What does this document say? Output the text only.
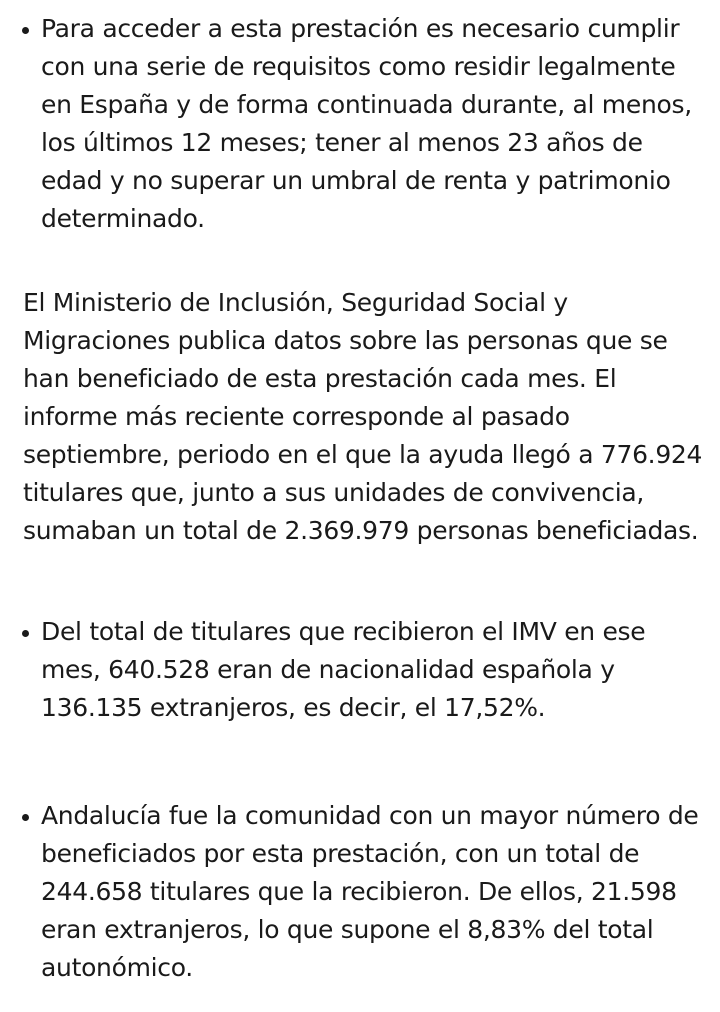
Para acceder a esta prestación es necesario cumplir con una serie de requisitos como residir legalmente en España y de forma continuada durante, al menos, los últimos 12 meses; tener al menos 23 años de edad y no superar un umbral de renta y patrimonio determinado.

El Ministerio de Inclusión, Seguridad Social y Migraciones publica datos sobre las personas que se han beneficiado de esta prestación cada mes. El informe más reciente corresponde al pasado septiembre, periodo en el que la ayuda llegó a 776.924 titulares que, junto a sus unidades de convivencia, sumaban un total de 2.369.979 personas beneficiadas.

Del total de titulares que recibieron el IMV en ese mes, 640.528 eran de nacionalidad española y 136.135 extranjeros, es decir, el 17,52%.

Andalucía fue la comunidad con un mayor número de beneficiados por esta prestación, con un total de 244.658 titulares que la recibieron. De ellos, 21.598 eran extranjeros, lo que supone el 8,83% del total autonómico.
